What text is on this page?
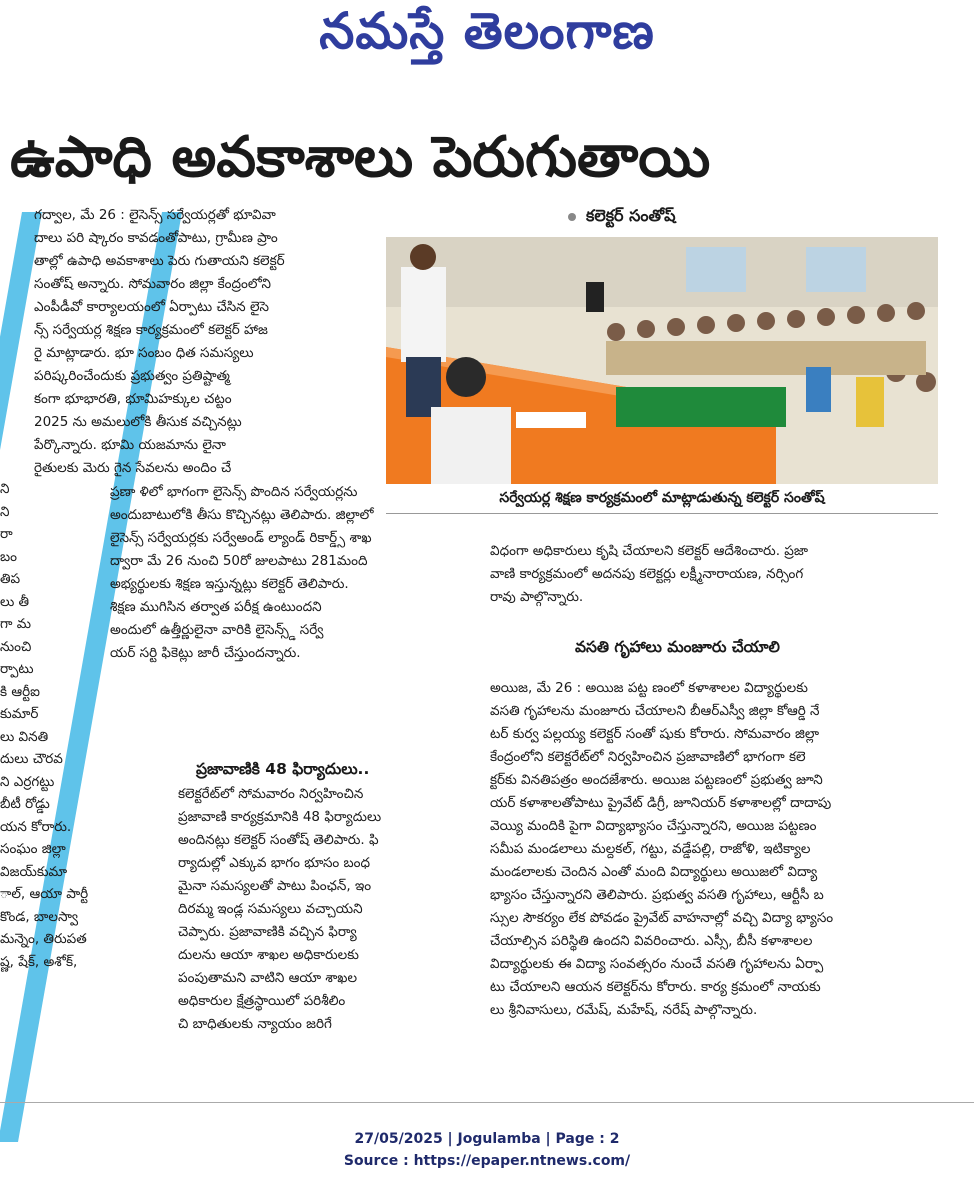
నమస్తే తెలంగాణ
ఉపాధి అవకాశాలు పెరుగుతాయి
ని
ని
రా
బం
తిప
లు తీ
గా మ
నుంచి
ర్పాటు
కి ఆర్టీఐ
కుమార్
లు వినతి
దులు చౌరవ
ని ఎర్రగట్టు
బీటీ రోడ్డు
యన కోరారు.
సంఘం జిల్లా
విజయ్‌కుమా
ాల్, ఆయా పార్టీ
కొండ, బాలస్వా
మన్నెం, తిరుపత
ష్ణ, షేక్, అశోక్,
గద్వాల, మే 26 : లైసెన్స్ సర్వేయర్లతో భూవివా
దాలు పరి ష్కారం కావడంతోపాటు, గ్రామీణ ప్రాం
తాల్లో ఉపాధి అవకాశాలు పెరు గుతాయని కలెక్టర్
సంతోష్ అన్నారు. సోమవారం జిల్లా కేంద్రంలోని
ఎంపీడీవో కార్యాలయంలో ఏర్పాటు చేసిన లైసె
న్స్ సర్వేయర్ల శిక్షణ కార్యక్రమంలో కలెక్టర్ హాజ
రై మాట్లాడారు. భూ సంబం ధిత సమస్యలు
పరిష్కరించేందుకు ప్రభుత్వం ప్రతిష్టాత్మ
కంగా భూభారతి, భూమిహక్కుల చట్టం
2025 ను అమలులోకి తీసుక వచ్చినట్లు
పేర్కొన్నారు. భూమి యజమాను లైనా
రైతులకు మెరు గైన సేవలను అందిం చే
ప్రణా ళిలో భాగంగా లైసెన్స్ పొందిన సర్వేయర్లను
అందుబాటులోకి తీసు కొచ్చినట్లు తెలిపారు. జిల్లాలో
లైసెన్స్ సర్వేయర్లకు సర్వేఅండ్ ల్యాండ్ రికార్డ్స్ శాఖ
ద్వారా మే 26 నుంచి 50రో జులపాటు 281మంది
అభ్యర్థులకు శిక్షణ ఇస్తున్నట్లు కలెక్టర్ తెలిపారు.
శిక్షణ ముగిసిన తర్వాత పరీక్ష ఉంటుందని
అందులో ఉత్తీర్ణులైనా వారికి లైసెన్స్డ్ సర్వే
యర్ సర్టి ఫికెట్లు జారీ చేస్తుందన్నారు.
ప్రజావాణికి 48 ఫిర్యాదులు..
కలెక్టరేట్‌లో సోమవారం నిర్వహించిన
ప్రజావాణి కార్యక్రమానికి 48 ఫిర్యాదులు
అందినట్లు కలెక్టర్ సంతోష్ తెలిపారు. ఫి
ర్యాదుల్లో ఎక్కువ భాగం భూసం బంధ
మైనా సమస్యలతో పాటు పింఛన్, ఇం
దిరమ్మ ఇండ్ల సమస్యలు వచ్చాయని
చెప్పారు. ప్రజావాణికి వచ్చిన ఫిర్యా
దులను ఆయా శాఖల అధికారులకు
పంపుతామని వాటిని ఆయా శాఖల
అధికారుల క్షేత్రస్థాయిలో పరిశీలిం
చి బాధితులకు న్యాయం జరిగే
కలెక్టర్ సంతోష్
సర్వేయర్ల శిక్షణ కార్యక్రమంలో మాట్లాడుతున్న కలెక్టర్ సంతోష్
విధంగా అధికారులు కృషి చేయాలని కలెక్టర్ ఆదేశించారు. ప్రజా
వాణి కార్యక్రమంలో అదనపు కలెక్టర్లు లక్ష్మీనారాయణ, నర్సింగ
రావు పాల్గొన్నారు.
వసతి గృహాలు మంజూరు చేయాలి
అయిజ, మే 26 : అయిజ పట్ట ణంలో కళాశాలల విద్యార్థులకు
వసతి గృహాలను మంజూరు చేయాలని బీఆర్ఎస్వీ జిల్లా కోఆర్డి నే
టర్ కుర్వ పల్లయ్య కలెక్టర్ సంతో షుకు కోరారు. సోమవారం జిల్లా
కేంద్రంలోని కలెక్టరేట్‌లో నిర్వహించిన ప్రజావాణిలో భాగంగా కలె
క్టర్‌కు వినతిపత్రం అందజేశారు. అయిజ పట్టణంలో ప్రభుత్వ జూని
యర్ కళాశాలతోపాటు ప్రైవేట్ డిగ్రీ, జూనియర్ కళాశాలల్లో దాదాపు
వెయ్యి మందికి పైగా విద్యాభ్యాసం చేస్తున్నారని, అయిజ పట్టణం
సమీప మండలాలు మల్దకల్, గట్టు, వడ్డేపల్లి, రాజోళి, ఇటిక్యాల
మండలాలకు చెందిన ఎంతో మంది విద్యార్థులు అయిజలో విద్యా
భ్యాసం చేస్తున్నారని తెలిపారు. ప్రభుత్వ వసతి గృహాలు, ఆర్టీసీ బ
స్సుల సౌకర్యం లేక పోవడం ప్రైవేట్ వాహనాల్లో వచ్చి విద్యా భ్యాసం
చేయాల్సిన పరిస్థితి ఉందని వివరించారు. ఎస్సీ, బీసీ కళాశాలల
విద్యార్థులకు ఈ విద్యా సంవత్సరం నుంచే వసతి గృహాలను ఏర్పా
టు చేయాలని ఆయన కలెక్టర్‌ను కోరారు. కార్య క్రమంలో నాయకు
లు శ్రీనివాసులు, రమేష్, మహేష్, నరేష్ పాల్గొన్నారు.
27/05/2025 | Jogulamba | Page : 2
Source : https://epaper.ntnews.com/
